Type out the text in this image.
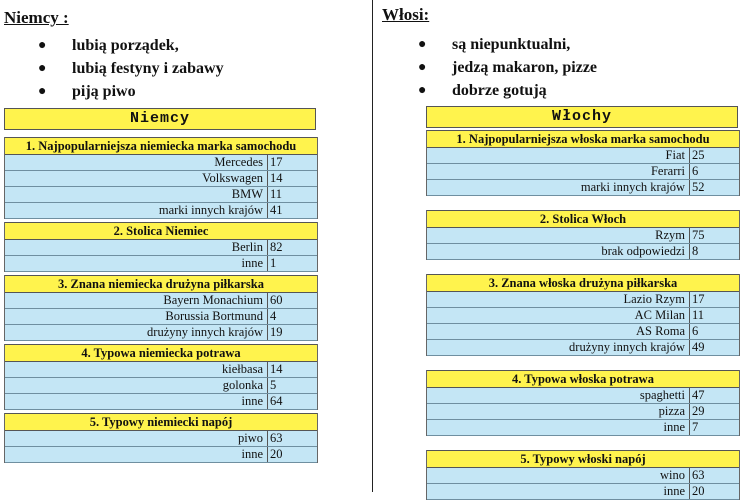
Niemcy :
● lubią porządek,
● lubią festyny i zabawy
● piją piwo
Niemcy
1. Najpopularniejsza niemiecka marka samochodu
Mercedes 17
Volkswagen 14
BMW 11
marki innych krajów 41
2. Stolica Niemiec
Berlin 82
inne 1
3. Znana niemiecka drużyna piłkarska
Bayern Monachium 60
Borussia Bortmund 4
drużyny innych krajów 19
4. Typowa niemiecka potrawa
kiełbasa 14
golonka 5
inne 64
5. Typowy niemiecki napój
piwo 63
inne 20
Włosi:
● są niepunktualni,
● jedzą makaron, pizze
● dobrze gotują
Włochy
1. Najpopularniejsza włoska marka samochodu
Fiat 25
Ferarri 6
marki innych krajów 52
2. Stolica Włoch
Rzym 75
brak odpowiedzi 8
3. Znana włoska drużyna piłkarska
Lazio Rzym 17
AC Milan 11
AS Roma 6
drużyny innych krajów 49
4. Typowa włoska potrawa
spaghetti 47
pizza 29
inne 7
5. Typowy włoski napój
wino 63
inne 20
